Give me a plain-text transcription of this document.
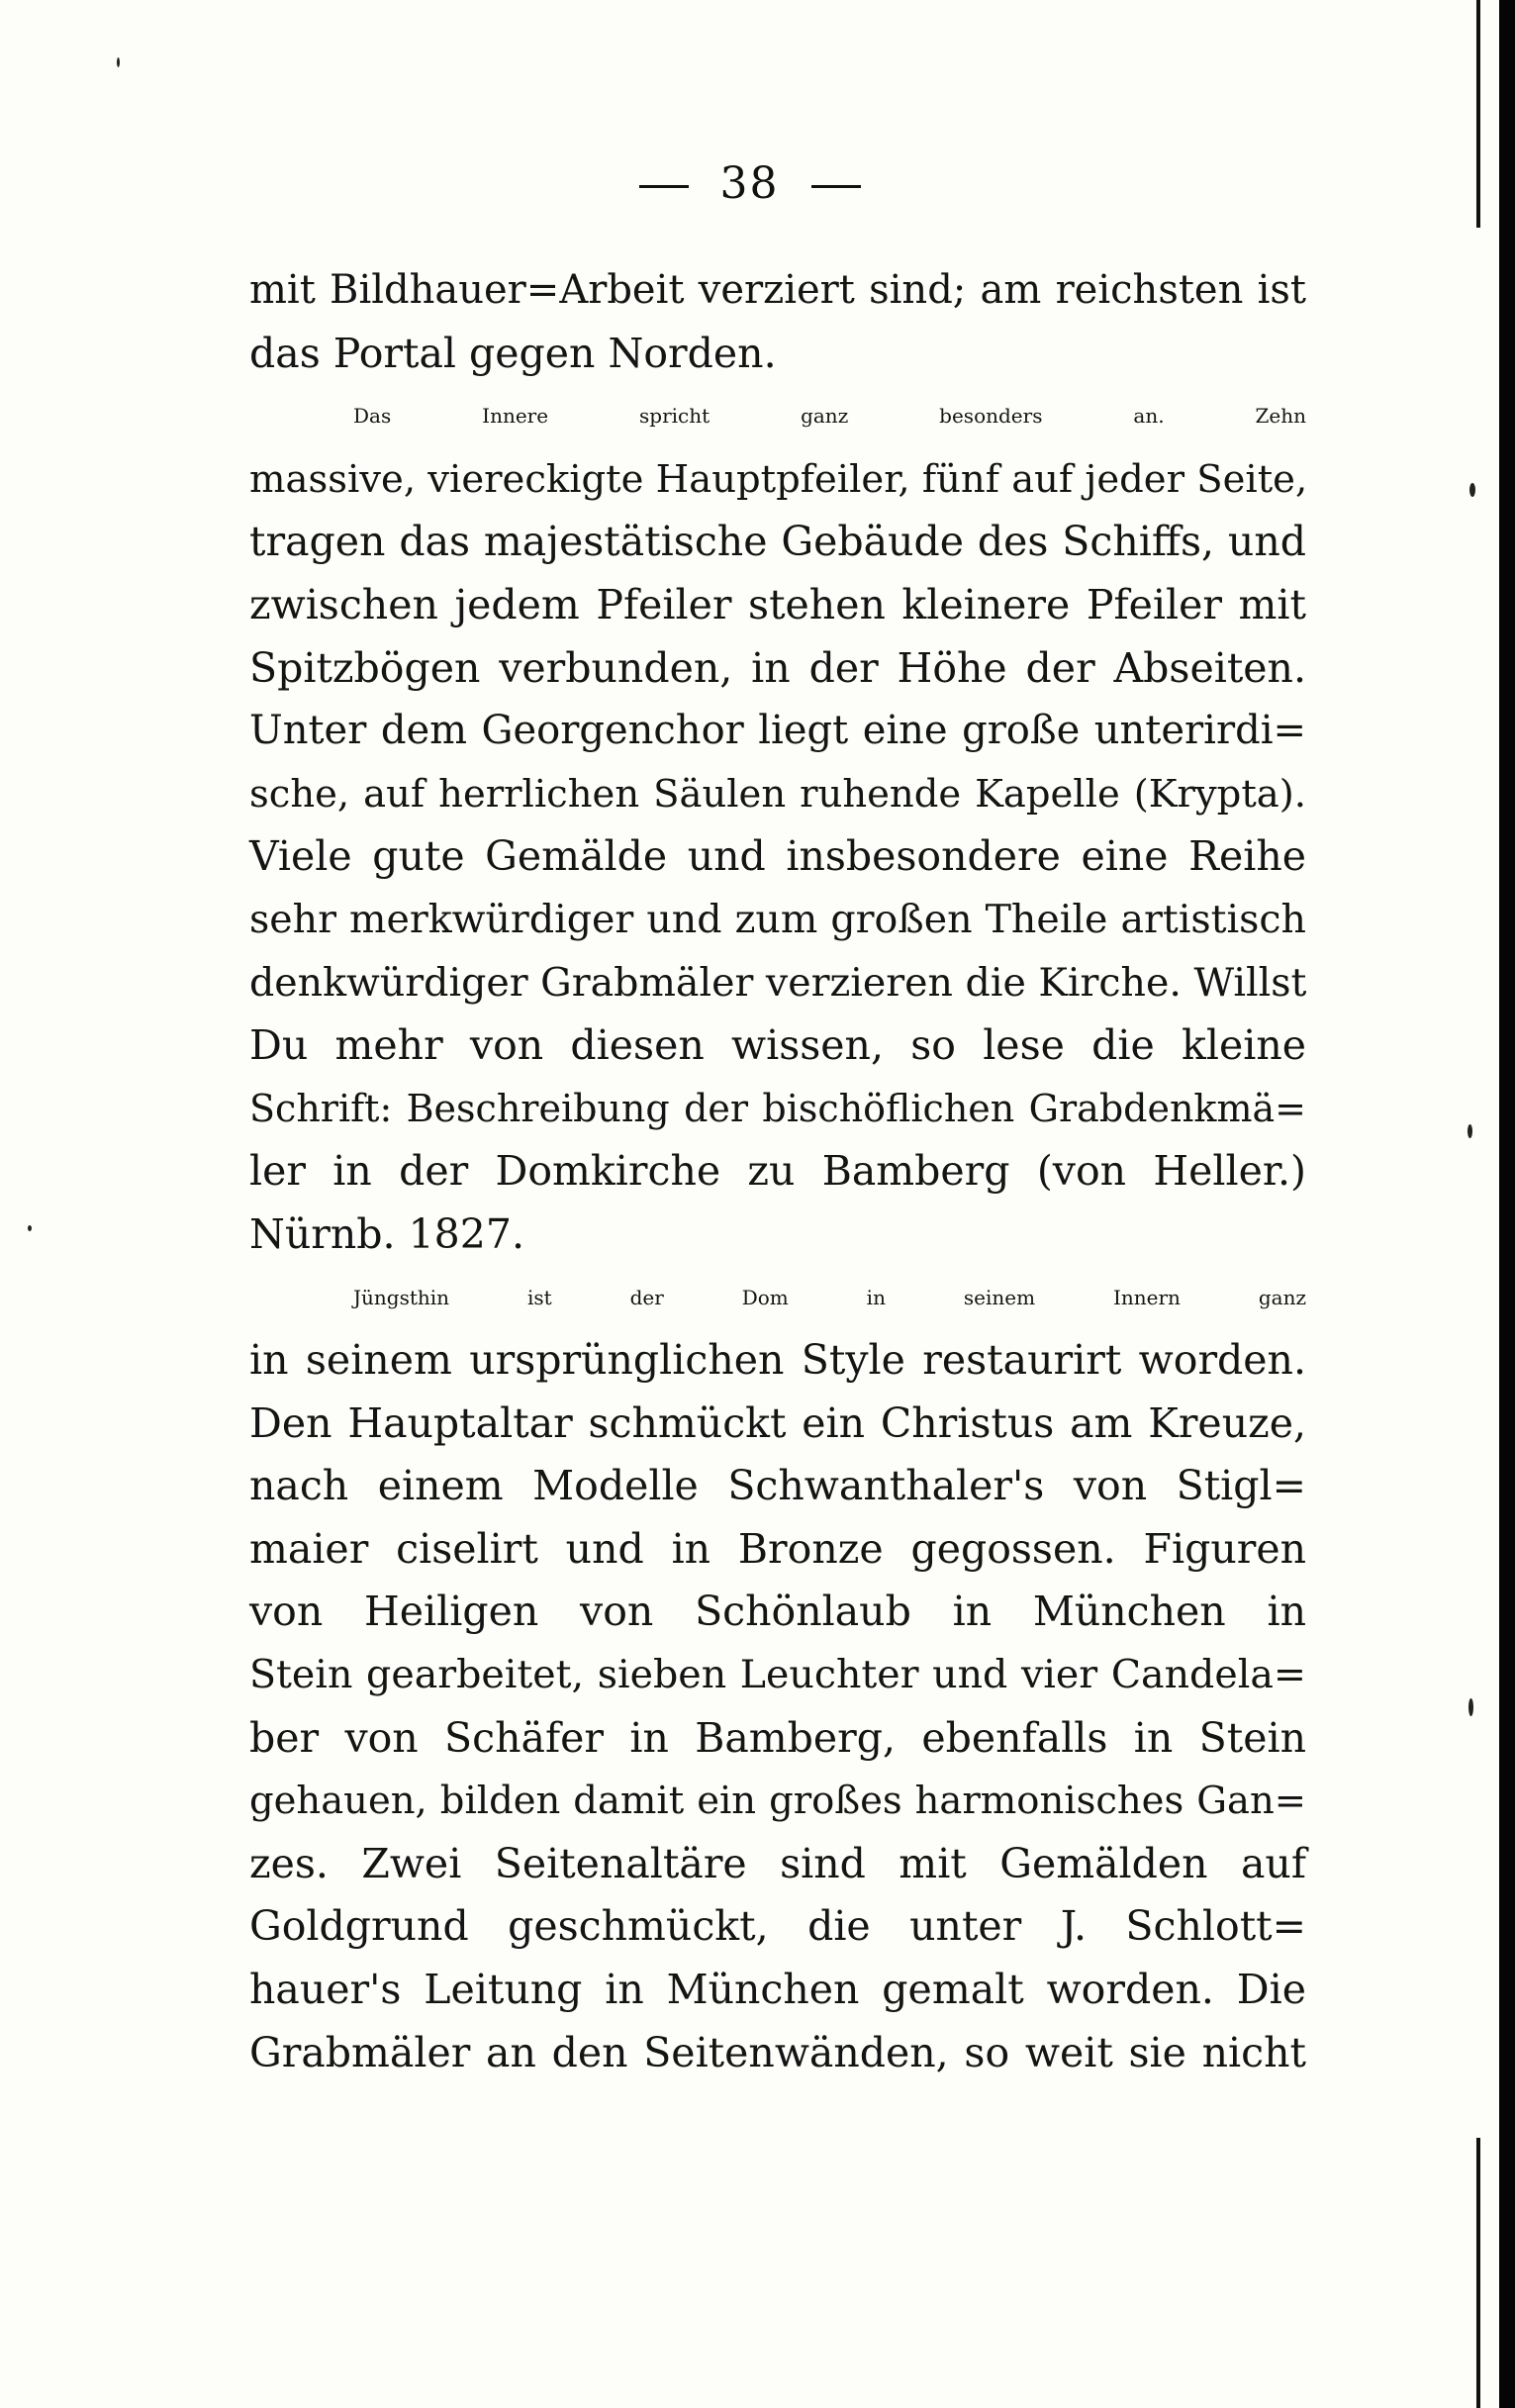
38
mit Bildhauer=Arbeit verziert sind; am reichsten ist
das Portal gegen Norden.
Das Innere spricht ganz besonders an. Zehn
massive, viereckigte Hauptpfeiler, fünf auf jeder Seite,
tragen das majestätische Gebäude des Schiffs, und
zwischen jedem Pfeiler stehen kleinere Pfeiler mit
Spitzbögen verbunden, in der Höhe der Abseiten.
Unter dem Georgenchor liegt eine große unterirdi=
sche, auf herrlichen Säulen ruhende Kapelle (Krypta).
Viele gute Gemälde und insbesondere eine Reihe
sehr merkwürdiger und zum großen Theile artistisch
denkwürdiger Grabmäler verzieren die Kirche. Willst
Du mehr von diesen wissen, so lese die kleine
Schrift: Beschreibung der bischöflichen Grabdenkmä=
ler in der Domkirche zu Bamberg (von Heller.)
Nürnb. 1827.
Jüngsthin ist der Dom in seinem Innern ganz
in seinem ursprünglichen Style restaurirt worden.
Den Hauptaltar schmückt ein Christus am Kreuze,
nach einem Modelle Schwanthaler's von Stigl=
maier ciselirt und in Bronze gegossen. Figuren
von Heiligen von Schönlaub in München in
Stein gearbeitet, sieben Leuchter und vier Candela=
ber von Schäfer in Bamberg, ebenfalls in Stein
gehauen, bilden damit ein großes harmonisches Gan=
zes. Zwei Seitenaltäre sind mit Gemälden auf
Goldgrund geschmückt, die unter J. Schlott=
hauer's Leitung in München gemalt worden. Die
Grabmäler an den Seitenwänden, so weit sie nicht
